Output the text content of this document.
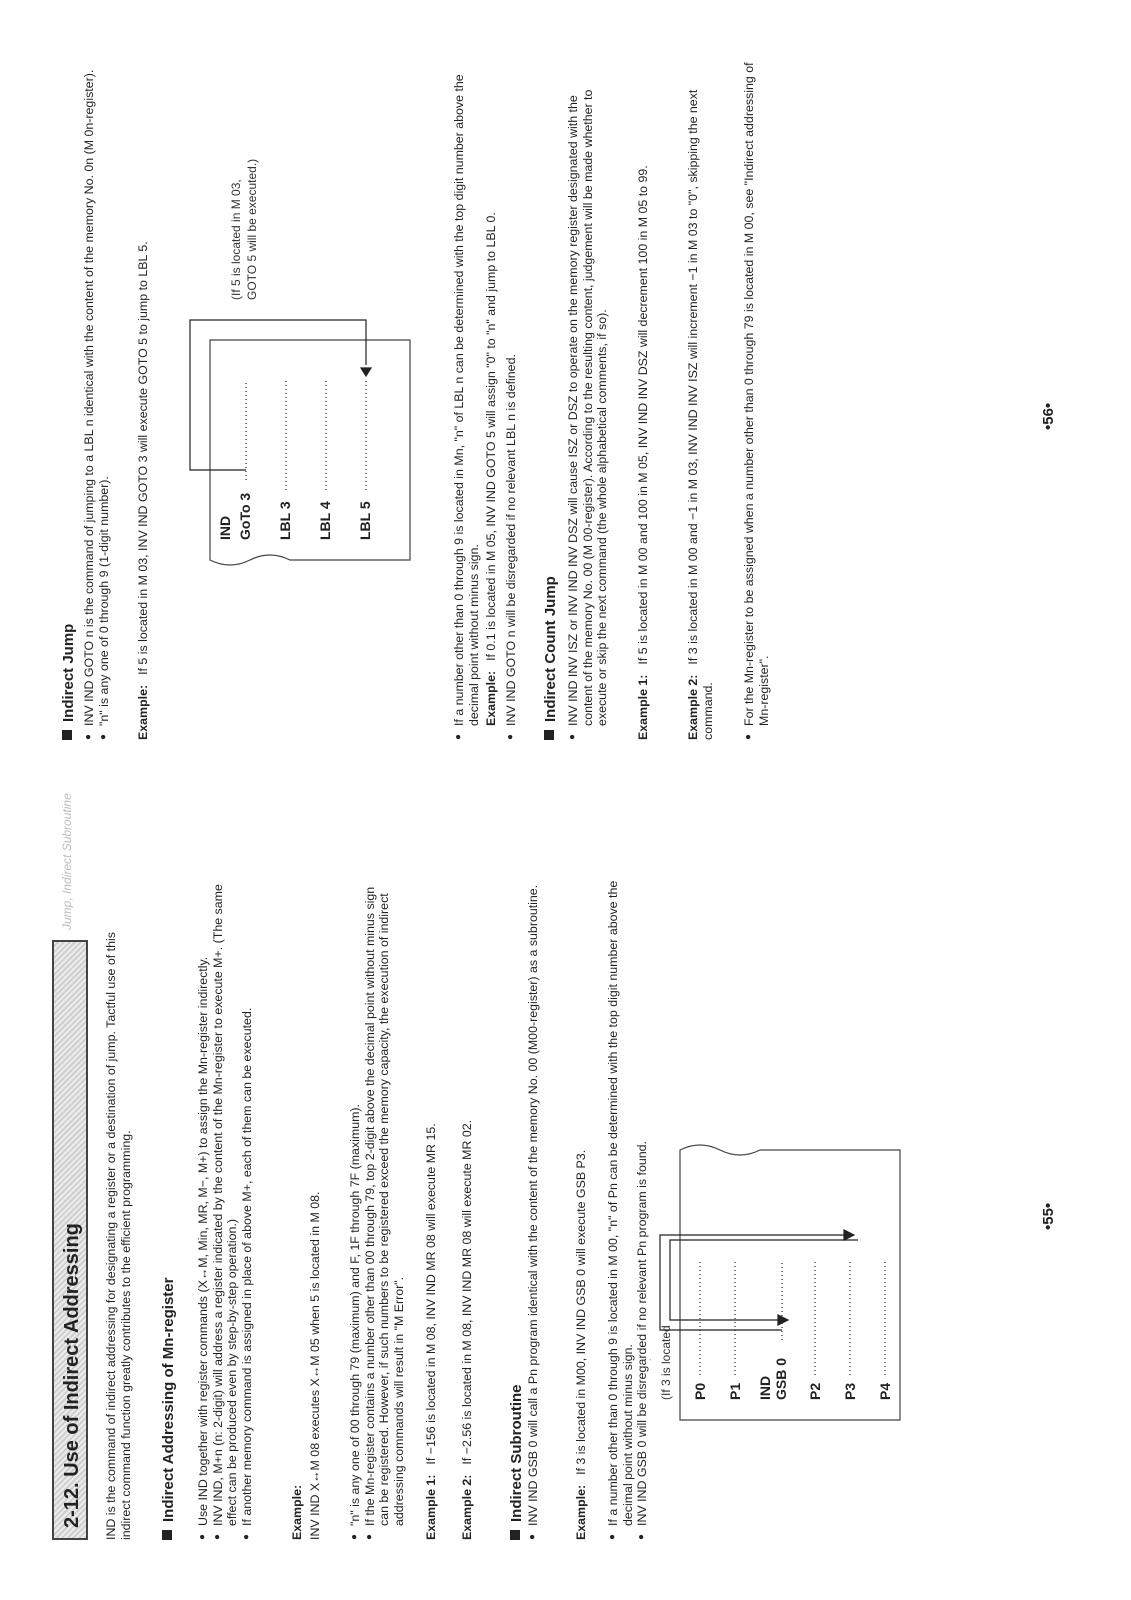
2-12. Use of Indirect Addressing
Jump, Indirect Subroutine

IND is the command of indirect addressing for designating a register or a destination of jump. Tactful use of this indirect command function greatly contributes to the efficient programming. Indirect Addressing of Mn-register ● Use IND together with register commands (X↔M, Min, MR, M−, M+) to assign the Mn-register indirectly. ● INV IND, M+n (n: 2-digit) will address a register indicated by the content of the Mn-register to execute M+. (The same effect can be produced even by step-by-step operation.) ● If another memory command is assigned in place of above M+, each of them can be executed.	Example: INV IND X↔M 08 executes X↔M 05 when 5 is located in M 08. ● "n" is any one of 00 through 79 (maximum) and F, 1F through 7F (maximum). ● If the Mn-register contains a number other than 00 through 79, top 2-digit above the decimal point without minus sign can be registered. However, if such numbers to be registered exceed the memory capacity, the execution of indirect addressing commands will result in "M Error". Example 1:If −156 is located in M 08, INV IND MR 08 will execute MR 15.
Example 2:If −2.56 is located in M 08, INV IND MR 08 will execute MR 02. Indirect Subroutine ● INV IND GSB 0 will call a Pn program identical with the content of the memory No. 00 (M00-register) as a subroutine.	Example:If 3 is located in M00, INV IND GSB 0 will execute GSB P3. ● If a number other than 0 through 9 is located in M 00, "n" of Pn can be determined with the top digit number above the decimal point without minus sign. ● INV IND GSB 0 will be disregarded if no relevant Pn program is found.	P0 P1 IND GSB 0 P2 P3 P4
(If 3 is located
•55•
Indirect Jump ● INV IND GOTO n is the command of jumping to a LBL n identical with the content of the memory No. 0n (M 0n-register). ● "n" is any one of 0 through 9 (1-digit number). Example:If 5 is located in M 03, INV IND GOTO 3 will execute GOTO 5 to jump to LBL 5.	IND GoTo 3 LBL 3 LBL 4 LBL 5
(If 5 is located in M 03, GOTO 5 will be executed.)	● If a number other than 0 through 9 is located in Mn, "n" of LBL n can be determined with the top digit number above the decimal point without minus sign. Example:If 0.1 is located in M 05, INV IND GOTO 5 will assign "0" to "n" and jump to LBL 0. ● INV IND GOTO n will be disregarded if no relevant LBL n is defined. Indirect Count Jump ● INV IND INV ISZ or INV IND INV DSZ will cause ISZ or DSZ to operate on the memory register designated with the content of the memory No. 00 (M 00-register). According to the resulting content, judgement will be made whether to execute or skip the next command (the whole alphabetical comments, if so). Example 1:If 5 is located in M 00 and 100 in M 05, INV IND INV DSZ will decrement 100 in M 05 to 99.
Example 2:If 3 is located in M 00 and −1 in M 03, INV IND INV ISZ will increment −1 in M 03 to "0", skipping the next command. ● For the Mn-register to be assigned when a number other than 0 through 79 is located in M 00, see "Indirect addressing of Mn-register".
•56•
